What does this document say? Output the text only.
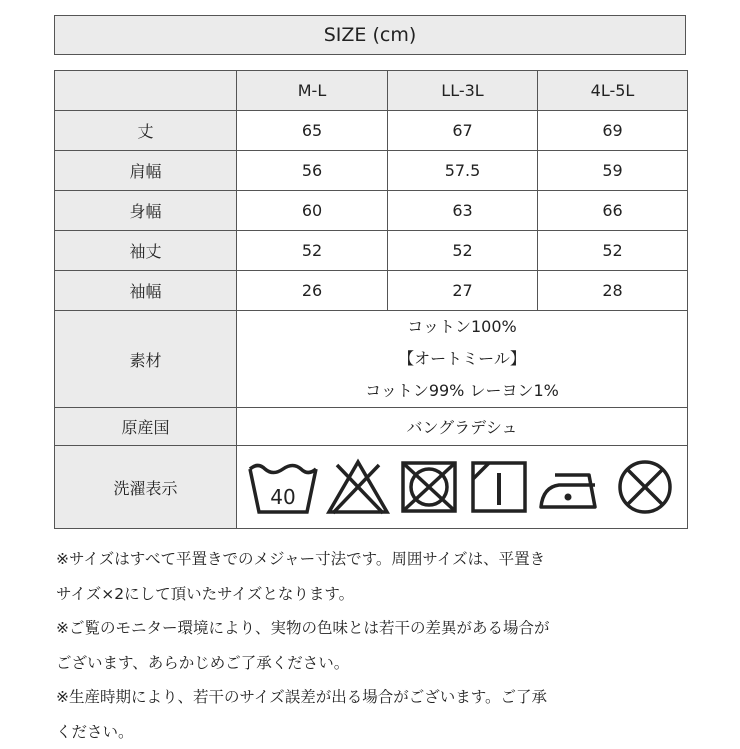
SIZE (cm)
	M-L	LL-3L	4L-5L
丈	65	67	69
肩幅	56	57.5	59
身幅	60	63	66
袖丈	52	52	52
袖幅	26	27	28
素材	コットン100%
【オートミール】
コットン99% レーヨン1%		

原産国	バングラデシュ		
洗濯表示	40		

※サイズはすべて平置きでのメジャー寸法です。周囲サイズは、平置き

サイズ×2にして頂いたサイズとなります。

※ご覧のモニター環境により、実物の色味とは若干の差異がある場合が

ございます、あらかじめご了承ください。

※生産時期により、若干のサイズ誤差が出る場合がございます。ご了承

ください。
